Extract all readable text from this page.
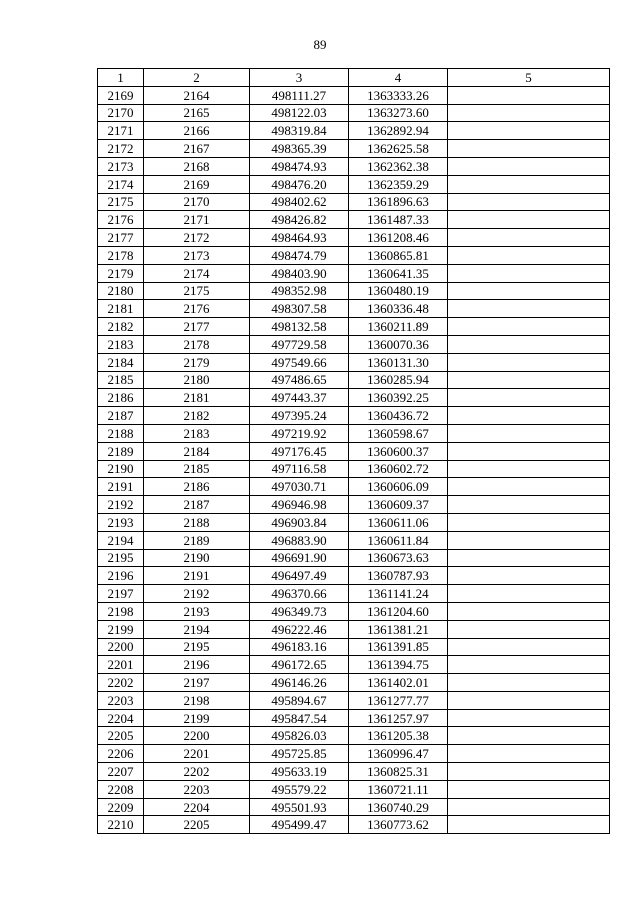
89
1	2	3	4	5
2169	2164	498111.27	1363333.26	
2170	2165	498122.03	1363273.60	
2171	2166	498319.84	1362892.94	
2172	2167	498365.39	1362625.58	
2173	2168	498474.93	1362362.38	
2174	2169	498476.20	1362359.29	
2175	2170	498402.62	1361896.63	
2176	2171	498426.82	1361487.33	
2177	2172	498464.93	1361208.46	
2178	2173	498474.79	1360865.81	
2179	2174	498403.90	1360641.35	
2180	2175	498352.98	1360480.19	
2181	2176	498307.58	1360336.48	
2182	2177	498132.58	1360211.89	
2183	2178	497729.58	1360070.36	
2184	2179	497549.66	1360131.30	
2185	2180	497486.65	1360285.94	
2186	2181	497443.37	1360392.25	
2187	2182	497395.24	1360436.72	
2188	2183	497219.92	1360598.67	
2189	2184	497176.45	1360600.37	
2190	2185	497116.58	1360602.72	
2191	2186	497030.71	1360606.09	
2192	2187	496946.98	1360609.37	
2193	2188	496903.84	1360611.06	
2194	2189	496883.90	1360611.84	
2195	2190	496691.90	1360673.63	
2196	2191	496497.49	1360787.93	
2197	2192	496370.66	1361141.24	
2198	2193	496349.73	1361204.60	
2199	2194	496222.46	1361381.21	
2200	2195	496183.16	1361391.85	
2201	2196	496172.65	1361394.75	
2202	2197	496146.26	1361402.01	
2203	2198	495894.67	1361277.77	
2204	2199	495847.54	1361257.97	
2205	2200	495826.03	1361205.38	
2206	2201	495725.85	1360996.47	
2207	2202	495633.19	1360825.31	
2208	2203	495579.22	1360721.11	
2209	2204	495501.93	1360740.29	
2210	2205	495499.47	1360773.62	
